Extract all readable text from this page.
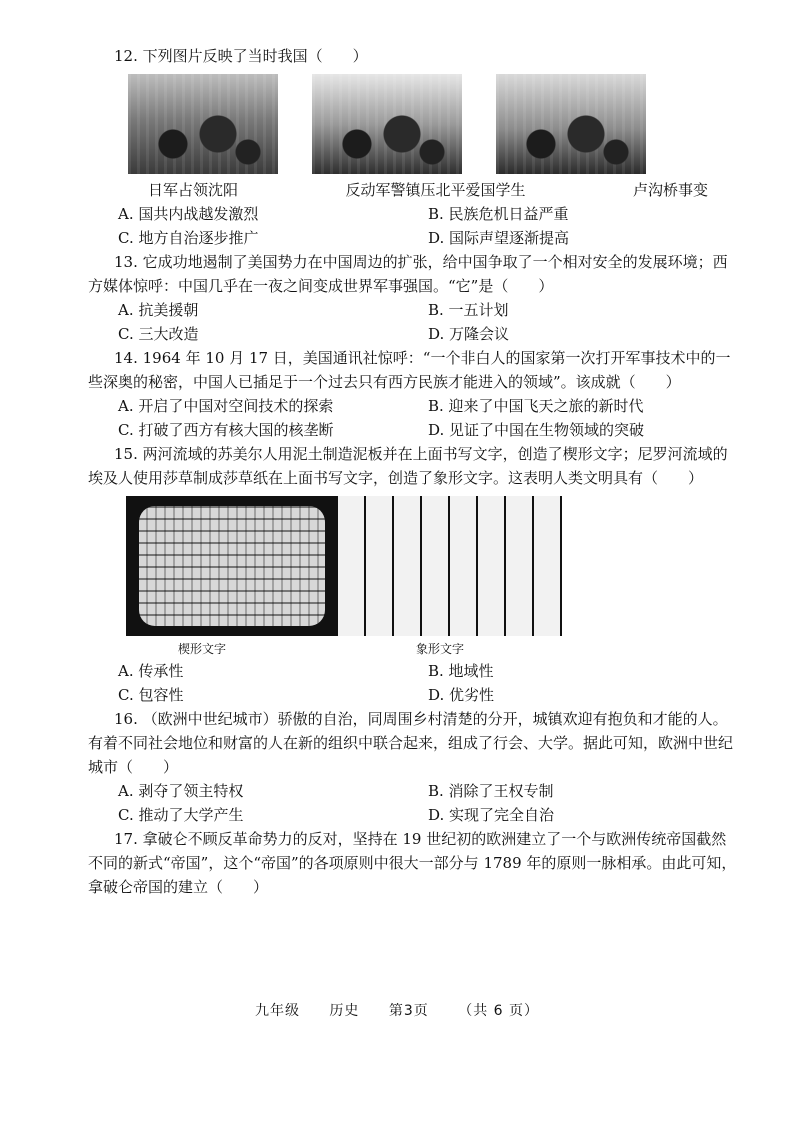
12. 下列图片反映了当时我国（　　）

日军占领沈阳	反动军警镇压北平爱国学生	卢沟桥事变
A. 国共内战越发激烈	B. 民族危机日益严重
C. 地方自治逐步推广	D. 国际声望逐渐提高

13. 它成功地遏制了美国势力在中国周边的扩张，给中国争取了一个相对安全的发展环境；西方媒体惊呼：中国几乎在一夜之间变成世界军事强国。“它”是（　　）

A. 抗美援朝	B. 一五计划
C. 三大改造	D. 万隆会议

14. 1964 年 10 月 17 日，美国通讯社惊呼：“一个非白人的国家第一次打开军事技术中的一些深奥的秘密，中国人已插足于一个过去只有西方民族才能进入的领域”。该成就（　　）

A. 开启了中国对空间技术的探索	B. 迎来了中国飞天之旅的新时代
C. 打破了西方有核大国的核垄断	D. 见证了中国在生物领域的突破

15. 两河流域的苏美尔人用泥土制造泥板并在上面书写文字，创造了楔形文字；尼罗河流域的埃及人使用莎草制成莎草纸在上面书写文字，创造了象形文字。这表明人类文明具有（　　）

楔形文字	象形文字
A. 传承性	B. 地域性
C. 包容性	D. 优劣性

16. （欧洲中世纪城市）骄傲的自治，同周围乡村清楚的分开，城镇欢迎有抱负和才能的人。有着不同社会地位和财富的人在新的组织中联合起来，组成了行会、大学。据此可知，欧洲中世纪城市（　　）

A. 剥夺了领主特权	B. 消除了王权专制
C. 推动了大学产生	D. 实现了完全自治

17. 拿破仑不顾反革命势力的反对，坚持在 19 世纪初的欧洲建立了一个与欧洲传统帝国截然不同的新式“帝国”，这个“帝国”的各项原则中很大一部分与 1789 年的原则一脉相承。由此可知，拿破仑帝国的建立（　　）

九年级 历史 第3页 （共 6 页）
